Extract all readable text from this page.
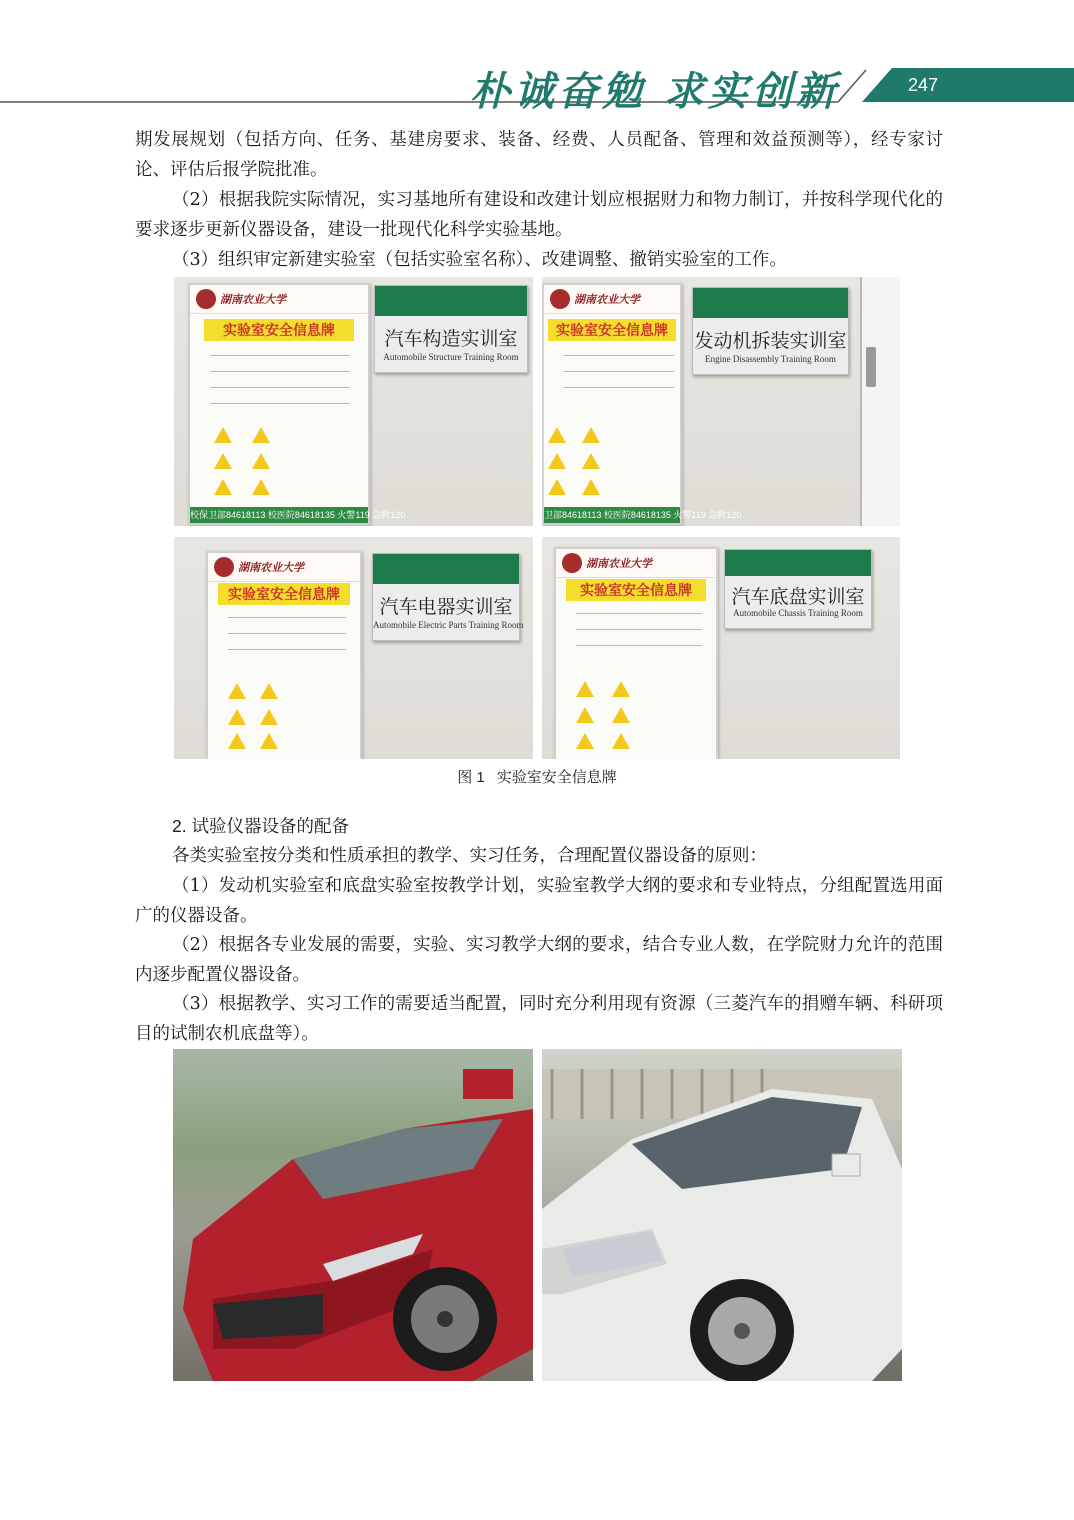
朴诚奋勉 求实创新	247

期发展规划（包括方向、任务、基建房要求、装备、经费、人员配备、管理和效益预测等），经专家讨论、评估后报学院批准。

（2）根据我院实际情况，实习基地所有建设和改建计划应根据财力和物力制订，并按科学现代化的要求逐步更新仪器设备，建设一批现代化科学实验基地。

（3）组织审定新建实验室（包括实验室名称）、改建调整、撤销实验室的工作。

湖南农业大学
实验室安全信息牌
校保卫部84618113 校医院84618135 火警119 急救120
汽车构造实训室
Automobile Structure Training Room
湖南农业大学
实验室安全信息牌
卫部84618113 校医院84618135 火警119 急救120
发动机拆装实训室
Engine Disassembly Training Room
湖南农业大学
实验室安全信息牌
汽车电器实训室
Automobile Electric Parts Training Room
湖南农业大学
实验室安全信息牌	汽车底盘实训室
Automobile Chassis Training Room
图 1 实验室安全信息牌
2. 试验仪器设备的配备

各类实验室按分类和性质承担的教学、实习任务，合理配置仪器设备的原则：

（1）发动机实验室和底盘实验室按教学计划，实验室教学大纲的要求和专业特点，分组配置选用面广的仪器设备。

（2）根据各专业发展的需要，实验、实习教学大纲的要求，结合专业人数，在学院财力允许的范围内逐步配置仪器设备。

（3）根据教学、实习工作的需要适当配置，同时充分利用现有资源（三菱汽车的捐赠车辆、科研项目的试制农机底盘等）。
